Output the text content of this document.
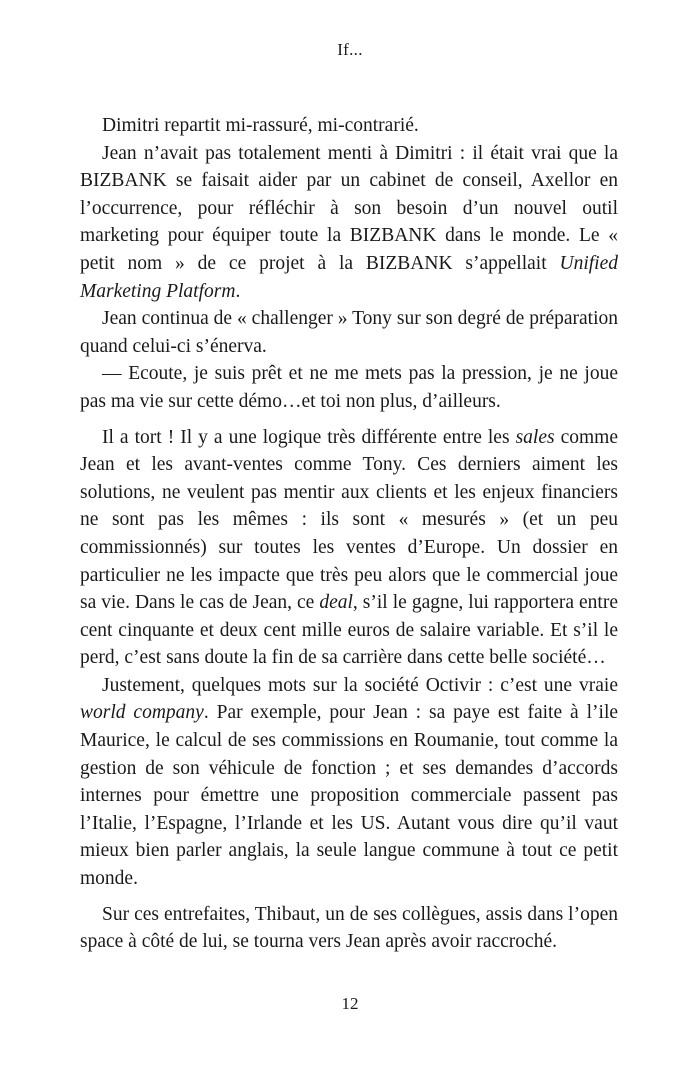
If...

Dimitri repartit mi-rassuré, mi-contrarié.

Jean n’avait pas totalement menti à Dimitri : il était vrai que la BIZBANK se faisait aider par un cabinet de conseil, Axellor en l’occurrence, pour réfléchir à son besoin d’un nouvel outil marketing pour équiper toute la BIZBANK dans le monde. Le « petit nom » de ce projet à la BIZBANK s’appellait Unified Marketing Platform.

Jean continua de « challenger » Tony sur son degré de préparation quand celui-ci s’énerva.

— Ecoute, je suis prêt et ne me mets pas la pression, je ne joue pas ma vie sur cette démo…et toi non plus, d’ailleurs.

Il a tort ! Il y a une logique très différente entre les sales comme Jean et les avant-ventes comme Tony. Ces derniers aiment les solutions, ne veulent pas mentir aux clients et les enjeux financiers ne sont pas les mêmes : ils sont « mesurés » (et un peu commissionnés) sur toutes les ventes d’Europe. Un dossier en particulier ne les impacte que très peu alors que le commercial joue sa vie. Dans le cas de Jean, ce deal, s’il le gagne, lui rapportera entre cent cinquante et deux cent mille euros de salaire variable. Et s’il le perd, c’est sans doute la fin de sa carrière dans cette belle société…

Justement, quelques mots sur la société Octivir : c’est une vraie world company. Par exemple, pour Jean : sa paye est faite à l’ile Maurice, le calcul de ses commissions en Roumanie, tout comme la gestion de son véhicule de fonction ; et ses demandes d’accords internes pour émettre une proposition commerciale passent pas l’Italie, l’Espagne, l’Irlande et les US. Autant vous dire qu’il vaut mieux bien parler anglais, la seule langue commune à tout ce petit monde.

Sur ces entrefaites, Thibaut, un de ses collègues, assis dans l’open space à côté de lui, se tourna vers Jean après avoir raccroché.

12
